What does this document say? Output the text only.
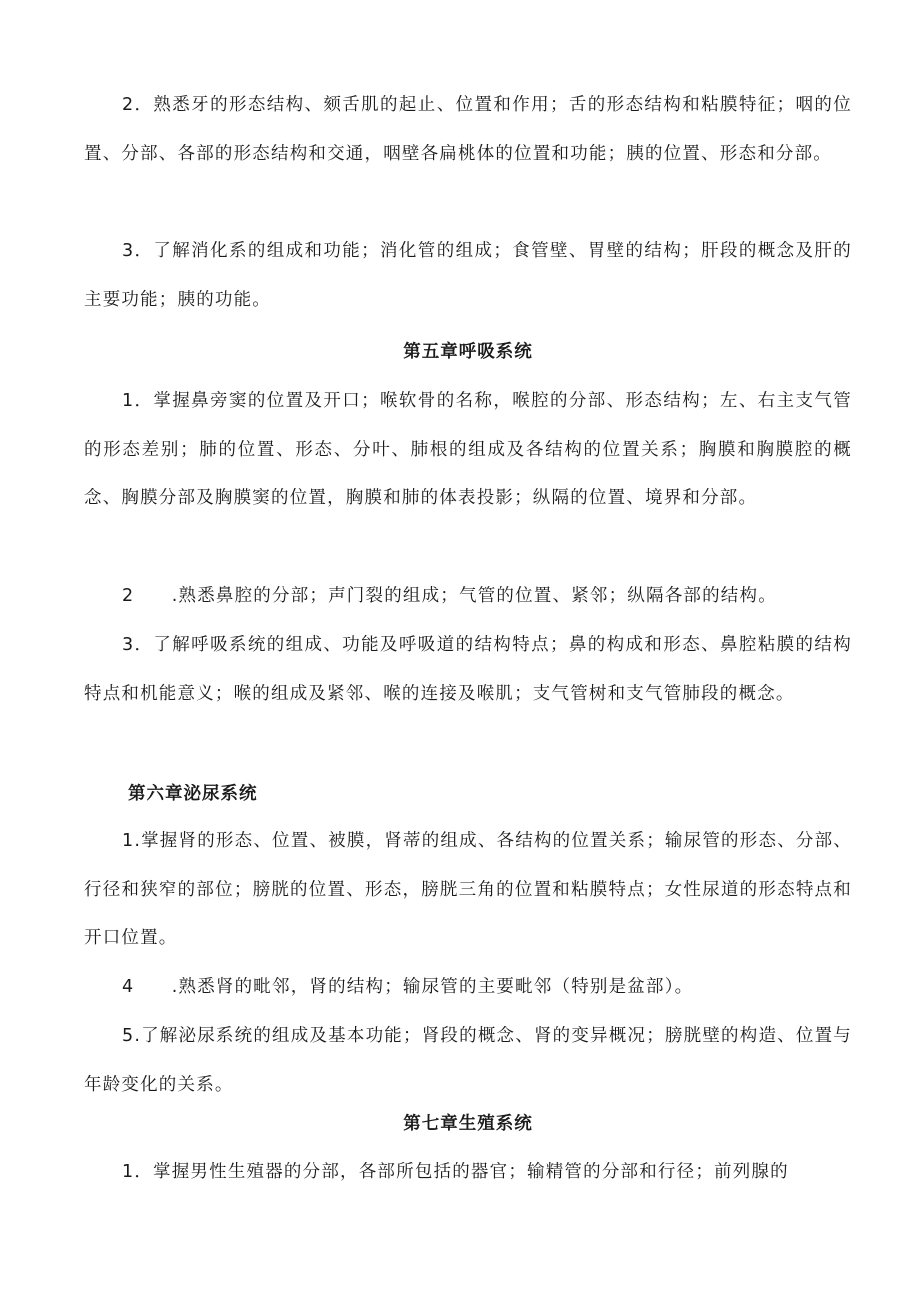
2．熟悉牙的形态结构、颏舌肌的起止、位置和作用；舌的形态结构和粘膜特征；咽的位置、分部、各部的形态结构和交通，咽壁各扁桃体的位置和功能；胰的位置、形态和分部。

3．了解消化系的组成和功能；消化管的组成；食管壁、胃壁的结构；肝段的概念及肝的主要功能；胰的功能。

第五章呼吸系统

1．掌握鼻旁窦的位置及开口；喉软骨的名称，喉腔的分部、形态结构；左、右主支气管的形态差别；肺的位置、形态、分叶、肺根的组成及各结构的位置关系；胸膜和胸膜腔的概念、胸膜分部及胸膜窦的位置，胸膜和肺的体表投影；纵隔的位置、境界和分部。

2　　.熟悉鼻腔的分部；声门裂的组成；气管的位置、紧邻；纵隔各部的结构。

3．了解呼吸系统的组成、功能及呼吸道的结构特点；鼻的构成和形态、鼻腔粘膜的结构特点和机能意义；喉的组成及紧邻、喉的连接及喉肌；支气管树和支气管肺段的概念。

第六章泌尿系统

1.掌握肾的形态、位置、被膜，肾蒂的组成、各结构的位置关系；输尿管的形态、分部、行径和狭窄的部位；膀胱的位置、形态，膀胱三角的位置和粘膜特点；女性尿道的形态特点和开口位置。

4　　.熟悉肾的毗邻，肾的结构；输尿管的主要毗邻（特别是盆部）。

5.了解泌尿系统的组成及基本功能；肾段的概念、肾的变异概况；膀胱壁的构造、位置与年龄变化的关系。

第七章生殖系统

1．掌握男性生殖器的分部，各部所包括的器官；输精管的分部和行径；前列腺的
